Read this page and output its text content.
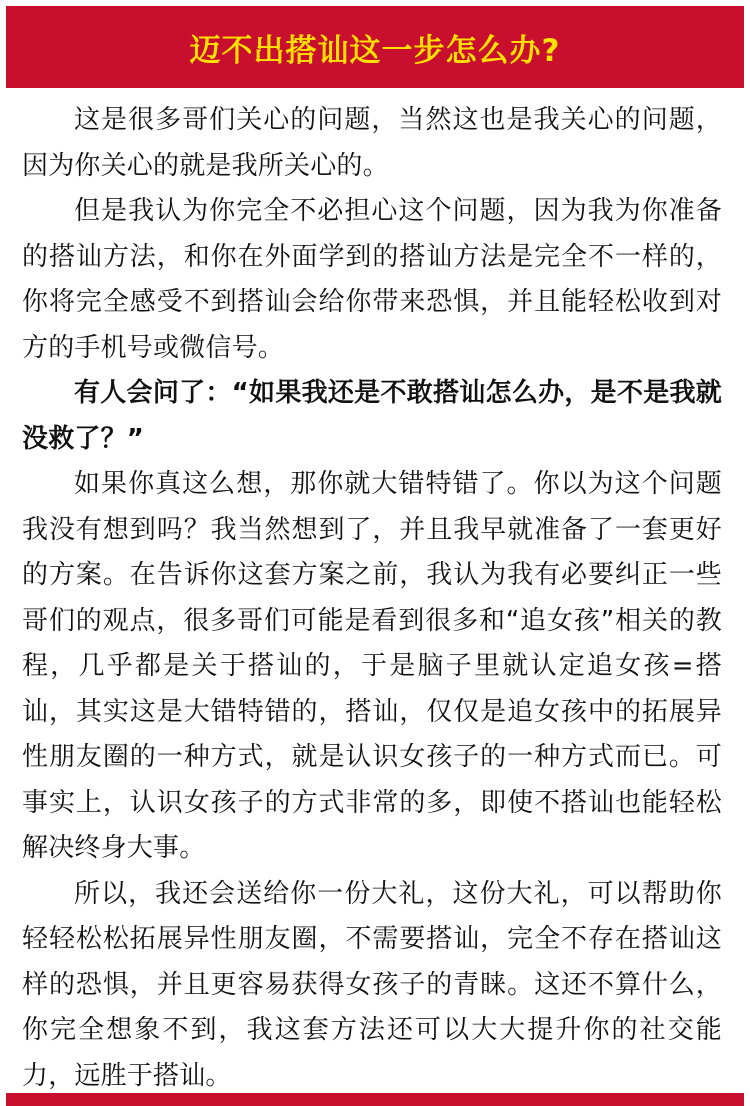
迈不出搭讪这一步怎么办?

这是很多哥们关心的问题，当然这也是我关心的问题，因为你关心的就是我所关心的。

但是我认为你完全不必担心这个问题，因为我为你准备的搭讪方法，和你在外面学到的搭讪方法是完全不一样的，你将完全感受不到搭讪会给你带来恐惧，并且能轻松收到对方的手机号或微信号。

有人会问了：“如果我还是不敢搭讪怎么办，是不是我就没救了？”

如果你真这么想，那你就大错特错了。你以为这个问题我没有想到吗？我当然想到了，并且我早就准备了一套更好的方案。在告诉你这套方案之前，我认为我有必要纠正一些哥们的观点，很多哥们可能是看到很多和“追女孩”相关的教程，几乎都是关于搭讪的，于是脑子里就认定追女孩=搭讪，其实这是大错特错的，搭讪，仅仅是追女孩中的拓展异性朋友圈的一种方式，就是认识女孩子的一种方式而已。可事实上，认识女孩子的方式非常的多，即使不搭讪也能轻松解决终身大事。

所以，我还会送给你一份大礼，这份大礼，可以帮助你轻轻松松拓展异性朋友圈，不需要搭讪，完全不存在搭讪这样的恐惧，并且更容易获得女孩子的青睐。这还不算什么，你完全想象不到，我这套方法还可以大大提升你的社交能力，远胜于搭讪。
